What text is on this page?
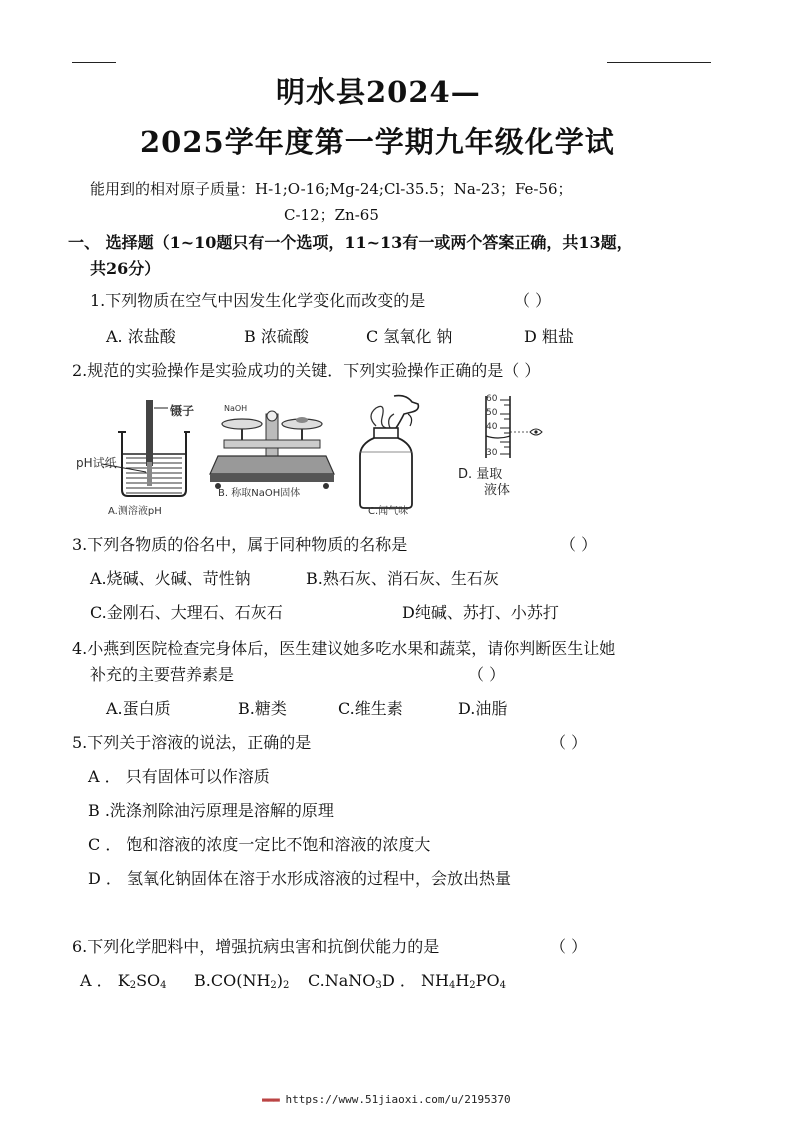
明水县2024—
2025学年度第一学期九年级化学试
能用到的相对原子质量：H-1;O-16;Mg-24;Cl-35.5；Na-23；Fe-56；
C-12；Zn-65
一、 选择题（1~10题只有一个选项，11~13有一或两个答案正确，共13题，
共26分）
1.下列物质在空气中因发生化学变化而改变的是	（ ）
A. 浓盐酸	B 浓硫酸	C 氢氧化 钠	D 粗盐
2.规范的实验操作是实验成功的关键．下列实验操作正确的是（ ）
镊子
pH试纸
A.测溶液pH
NaOH
B. 称取NaOH固体
C.闻气味
60
50
40
30
D. 量取
液体
3.下列各物质的俗名中，属于同种物质的名称是	（ ）
A.烧碱、火碱、苛性钠	B.熟石灰、消石灰、生石灰
C.金刚石、大理石、石灰石	D纯碱、苏打、小苏打
4.小燕到医院检查完身体后，医生建议她多吃水果和蔬菜，请你判断医生让她
补充的主要营养素是	（ ）
A.蛋白质	B.糖类	C.维生素	D.油脂
5.下列关于溶液的说法，正确的是	（ ）
A ． 只有固体可以作溶质
B .洗涤剂除油污原理是溶解的原理
C ． 饱和溶液的浓度一定比不饱和溶液的浓度大
D ． 氢氧化钠固体在溶于水形成溶液的过程中，会放出热量
6.下列化学肥料中，增强抗病虫害和抗倒伏能力的是	（ ）
A ． $K_2SO_4$ $B.CO(NH_2)_2$ C.NaNO$_3$ D ． $NH_4H_2PO_4$
▬▬▬ https://www.51jiaoxi.com/u/2195370
